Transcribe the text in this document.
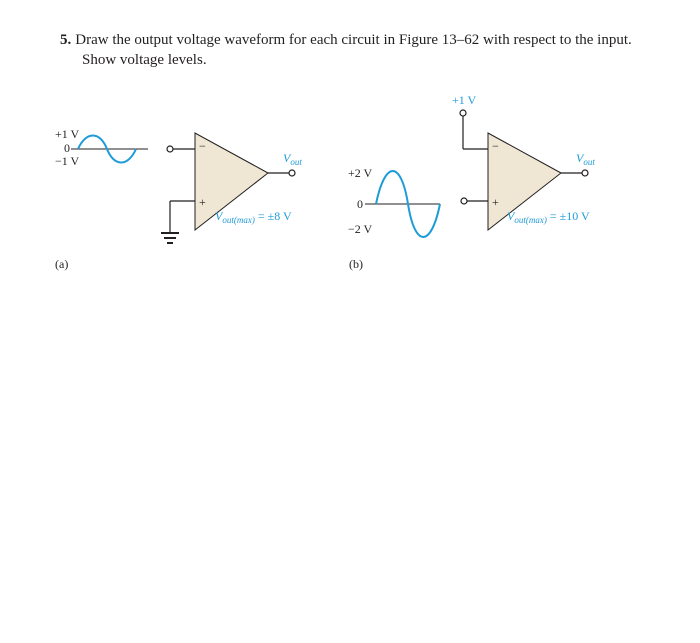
5. Draw the output voltage waveform for each circuit in Figure 13–62 with respect to the input.
Show voltage levels.
+1 V
0
−1 V
−
+
$V_{out}$
$V_{out(max)} = \pm 8$ V
(a)
+1 V
−
+
$V_{out}$
+2 V
0
−2 V
$V_{out(max)} = \pm 10$ V
(b)
